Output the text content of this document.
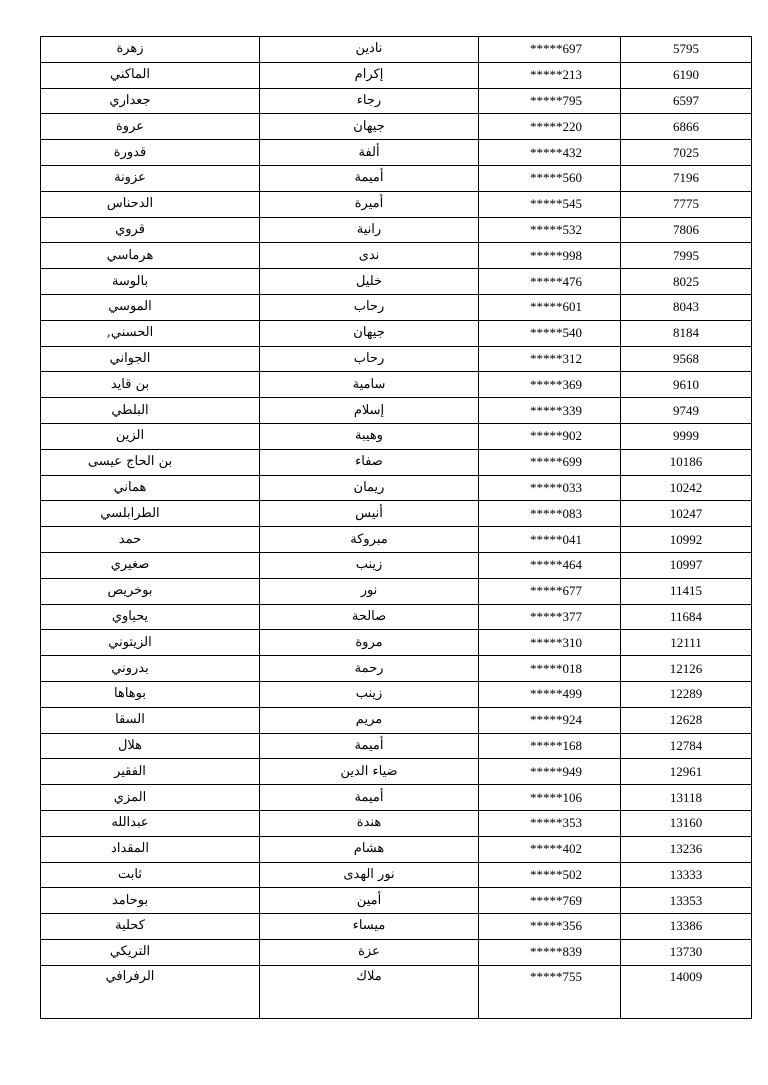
زهرة	نادين	*****697	5795
الماكني	إكرام	*****213	6190
جعداري	رجاء	*****795	6597
عروة	جيهان	*****220	6866
قدورة	ألفة	*****432	7025
عزونة	أميمة	*****560	7196
الدحناس	أميرة	*****545	7775
قروي	رانية	*****532	7806
هرماسي	ندى	*****998	7995
بالوسة	خليل	*****476	8025
الموسي	رحاب	*****601	8043
,الحسني	جيهان	*****540	8184
الجواني	رحاب	*****312	9568
بن قايد	سامية	*****369	9610
البلطي	إسلام	*****339	9749
الزين	وهيبة	*****902	9999
بن الحاج عيسى	صفاء	*****699	10186
هماني	ريمان	*****033	10242
الطرابلسي	أنيس	*****083	10247
حمد	مبروكة	*****041	10992
صغيري	زينب	*****464	10997
بوخريص	نور	*****677	11415
يحياوي	صالحة	*****377	11684
الزيتوني	مروة	*****310	12111
بدروني	رحمة	*****018	12126
بوهاها	زينب	*****499	12289
السقا	مريم	*****924	12628
هلال	أميمة	*****168	12784
الفقير	ضياء الدين	*****949	12961
المزي	أميمة	*****106	13118
عبدالله	هندة	*****353	13160
المقداد	هشام	*****402	13236
ثابت	نور الهدى	*****502	13333
بوحامد	أمين	*****769	13353
كحلية	ميساء	*****356	13386
التريكي	عزة	*****839	13730
الرفرافي	ملاك	*****755	14009
